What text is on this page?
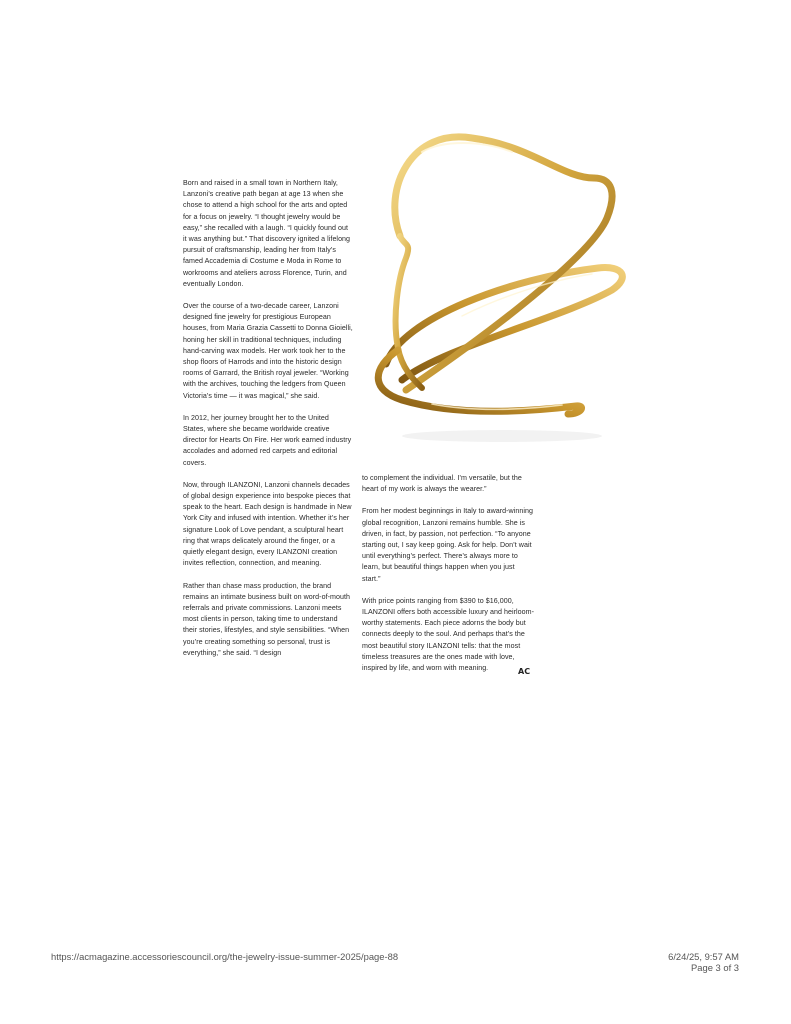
Born and raised in a small town in Northern Italy, Lanzoni’s creative path began at age 13 when she chose to attend a high school for the arts and opted for a focus on jewelry. “I thought jewelry would be easy,” she recalled with a laugh. “I quickly found out it was anything but.” That discovery ignited a lifelong pursuit of craftsmanship, leading her from Italy’s famed Accademia di Costume e Moda in Rome to workrooms and ateliers across Florence, Turin, and eventually London.

Over the course of a two-decade career, Lanzoni designed fine jewelry for prestigious European houses, from Maria Grazia Cassetti to Donna Gioielli, honing her skill in traditional techniques, including hand-carving wax models. Her work took her to the shop floors of Harrods and into the historic design rooms of Garrard, the British royal jeweler. “Working with the archives, touching the ledgers from Queen Victoria’s time — it was magical,” she said.

In 2012, her journey brought her to the United States, where she became worldwide creative director for Hearts On Fire. Her work earned industry accolades and adorned red carpets and editorial covers.

Now, through ILANZONI, Lanzoni channels decades of global design experience into bespoke pieces that speak to the heart. Each design is handmade in New York City and infused with intention. Whether it’s her signature Look of Love pendant, a sculptural heart ring that wraps delicately around the finger, or a quietly elegant design, every ILANZONI creation invites reflection, connection, and meaning.

Rather than chase mass production, the brand remains an intimate business built on word-of-mouth referrals and private commissions. Lanzoni meets most clients in person, taking time to understand their stories, lifestyles, and style sensibilities. “When you’re creating something so personal, trust is everything,” she said. “I design

to complement the individual. I’m versatile, but the heart of my work is always the wearer.”

From her modest beginnings in Italy to award-winning global recognition, Lanzoni remains humble. She is driven, in fact, by passion, not perfection. “To anyone starting out, I say keep going. Ask for help. Don’t wait until everything’s perfect. There’s always more to learn, but beautiful things happen when you just start.”

With price points ranging from $390 to $16,000, ILANZONI offers both accessible luxury and heirloom-worthy statements. Each piece adorns the body but connects deeply to the soul. And perhaps that’s the most beautiful story ILANZONI tells: that the most timeless treasures are the ones made with love, inspired by life, and worn with meaning.	AC
https://acmagazine.accessoriescouncil.org/the-jewelry-issue-summer-2025/page-88	6/24/25, 9:57 AM
Page 3 of 3
